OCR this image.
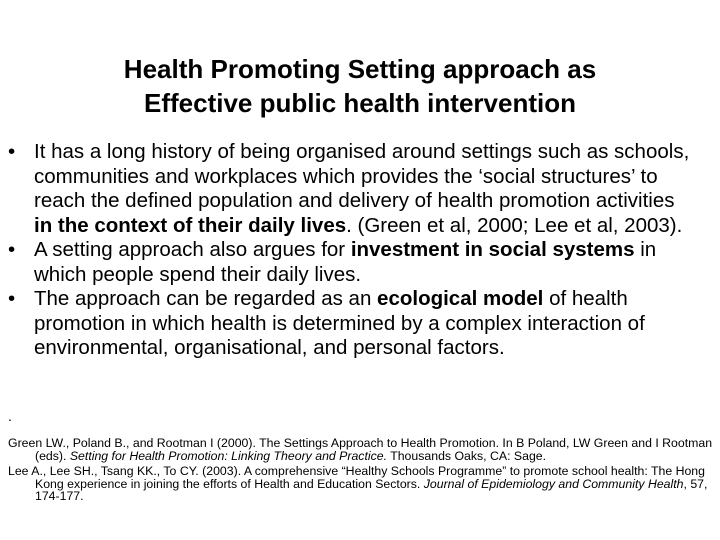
Health Promoting Setting approach as
Effective public health intervention
• It has a long history of being organised around settings such as schools, communities and workplaces which provides the ‘social structures’ to reach the defined population and delivery of health promotion activities in the context of their daily lives. (Green et al, 2000; Lee et al, 2003).
• A setting approach also argues for investment in social systems in which people spend their daily lives.
• The approach can be regarded as an ecological model of health promotion in which health is determined by a complex interaction of environmental, organisational, and personal factors.
.
Green LW., Poland B., and Rootman I (2000). The Settings Approach to Health Promotion. In B Poland, LW Green and I Rootman (eds). Setting for Health Promotion: Linking Theory and Practice. Thousands Oaks, CA: Sage.
Lee A., Lee SH., Tsang KK., To CY. (2003). A comprehensive “Healthy Schools Programme” to promote school health: The Hong Kong experience in joining the efforts of Health and Education Sectors. Journal of Epidemiology and Community Health, 57, 174-177.
